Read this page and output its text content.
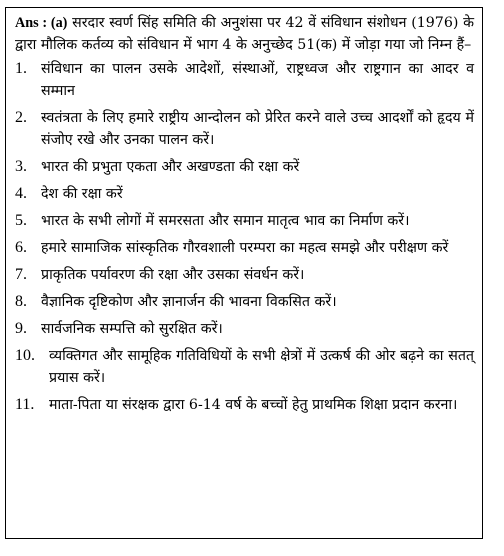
Ans : (a) सरदार स्वर्ण सिंह समिति की अनुशंसा पर 42 वें संविधान संशोधन (1976) के द्वारा मौलिक कर्तव्य को संविधान में भाग 4 के अनुच्छेद 51(क) में जोड़ा गया जो निम्न हैं–

1. संविधान का पालन उसके आदेशों, संस्थाओं, राष्ट्रध्वज और राष्ट्रगान का आदर व सम्मान
2. स्वतंत्रता के लिए हमारे राष्ट्रीय आन्दोलन को प्रेरित करने वाले उच्च आदर्शों को हृदय में संजोए रखे और उनका पालन करें।
3. भारत की प्रभुता एकता और अखण्डता की रक्षा करें
4. देश की रक्षा करें
5. भारत के सभी लोगों में समरसता और समान मातृत्व भाव का निर्माण करें।
6. हमारे सामाजिक सांस्कृतिक गौरवशाली परम्परा का महत्व समझे और परीक्षण करें
7. प्राकृतिक पर्यावरण की रक्षा और उसका संवर्धन करें।
8. वैज्ञानिक दृष्टिकोण और ज्ञानार्जन की भावना विकसित करें।
9. सार्वजनिक सम्पत्ति को सुरक्षित करें।
10. व्यक्तिगत और सामूहिक गतिविधियों के सभी क्षेत्रों में उत्कर्ष की ओर बढ़ने का सतत् प्रयास करें।
11.	माता-पिता या संरक्षक द्वारा 6-14 वर्ष के बच्चों हेतु प्राथमिक शिक्षा प्रदान करना।
